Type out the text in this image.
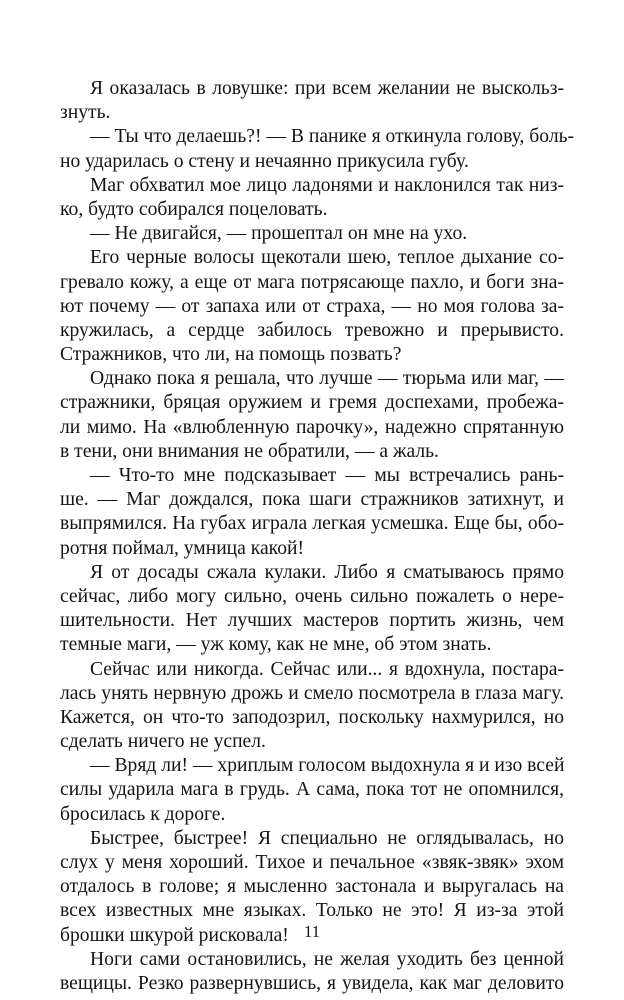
Я оказалась в ловушке: при всем желании не выскольз-
знуть.
— Ты что делаешь?! — В панике я откинула голову, боль-
но ударилась о стену и нечаянно прикусила губу.
Маг обхватил мое лицо ладонями и наклонился так низ-
ко, будто собирался поцеловать.
— Не двигайся, — прошептал он мне на ухо.
Его черные волосы щекотали шею, теплое дыхание со-
гревало кожу, а еще от мага потрясающе пахло, и боги зна-
ют почему — от запаха или от страха, — но моя голова за-
кружилась, а сердце забилось тревожно и прерывисто.
Стражников, что ли, на помощь позвать?
Однако пока я решала, что лучше — тюрьма или маг, —
стражники, бряцая оружием и гремя доспехами, пробежа-
ли мимо. На «влюбленную парочку», надежно спрятанную
в тени, они внимания не обратили, — а жаль.
— Что-то мне подсказывает — мы встречались рань-
ше. — Маг дождался, пока шаги стражников затихнут, и
выпрямился. На губах играла легкая усмешка. Еще бы, обо-
ротня поймал, умница какой!
Я от досады сжала кулаки. Либо я сматываюсь прямо
сейчас, либо могу сильно, очень сильно пожалеть о нере-
шительности. Нет лучших мастеров портить жизнь, чем
темные маги, — уж кому, как не мне, об этом знать.
Сейчас или никогда. Сейчас или... я вдохнула, постара-
лась унять нервную дрожь и смело посмотрела в глаза магу.
Кажется, он что-то заподозрил, поскольку нахмурился, но
сделать ничего не успел.
— Вряд ли! — хриплым голосом выдохнула я и изо всей
силы ударила мага в грудь. А сама, пока тот не опомнился,
бросилась к дороге.
Быстрее, быстрее! Я специально не оглядывалась, но
слух у меня хороший. Тихое и печальное «звяк-звяк» эхом
отдалось в голове; я мысленно застонала и выругалась на
всех известных мне языках. Только не это! Я из-за этой
брошки шкурой рисковала!
Ноги сами остановились, не желая уходить без ценной
вещицы. Резко развернувшись, я увидела, как маг деловито
11
